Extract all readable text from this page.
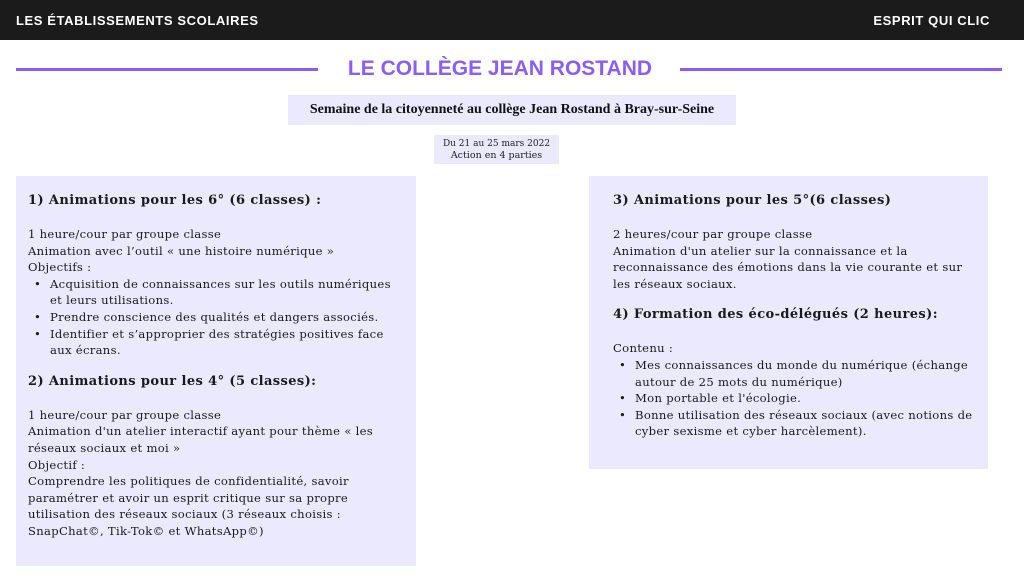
LES ÉTABLISSEMENTS SCOLAIRES	ESPRIT QUI CLIC
LE COLLÈGE JEAN ROSTAND
Semaine de la citoyenneté au collège Jean Rostand à Bray-sur-Seine
Du 21 au 25 mars 2022
Action en 4 parties
1) Animations pour les 6° (6 classes) :

1 heure/cour par groupe classe

Animation avec l’outil « une histoire numérique »

Objectifs :

• Acquisition de connaissances sur les outils numériques et leurs utilisations.
• Prendre conscience des qualités et dangers associés.
• Identifier et s’approprier des stratégies positives face aux écrans.
2) Animations pour les 4° (5 classes):

1 heure/cour par groupe classe

Animation d'un atelier interactif ayant pour thème « les réseaux sociaux et moi »

Objectif :

Comprendre les politiques de confidentialité, savoir paramétrer et avoir un esprit critique sur sa propre utilisation des réseaux sociaux (3 réseaux choisis : SnapChat©, Tik-Tok© et WhatsApp©)

3) Animations pour les 5°(6 classes)

2 heures/cour par groupe classe

Animation d'un atelier sur la connaissance et la reconnaissance des émotions dans la vie courante et sur les réseaux sociaux.

4) Formation des éco-délégués (2 heures):

Contenu :

• Mes connaissances du monde du numérique (échange autour de 25 mots du numérique)
• Mon portable et l'écologie.
• Bonne utilisation des réseaux sociaux (avec notions de cyber sexisme et cyber harcèlement).
